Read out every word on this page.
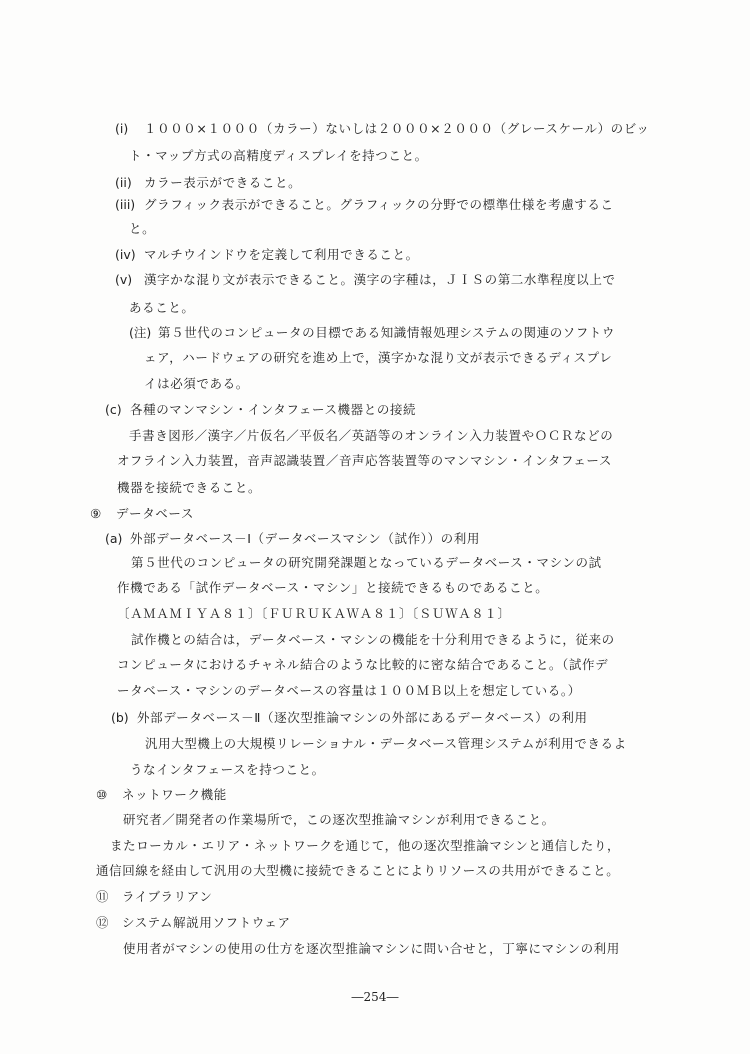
(i) １０００×１０００（カラー）ないしは２０００×２０００（グレースケール）のビッ
ト・マップ方式の高精度ディスプレイを持つこと。
(ii) カラー表示ができること。
(iii) グラフィック表示ができること。グラフィックの分野での標準仕様を考慮するこ
と。
(iv) マルチウインドウを定義して利用できること。
(v) 漢字かな混り文が表示できること。漢字の字種は，ＪＩＳの第二水準程度以上で
あること。
(注) 第５世代のコンピュータの目標である知識情報処理システムの関連のソフトウ
ェア，ハードウェアの研究を進め上で，漢字かな混り文が表示できるディスプレ
イは必須である。
(c) 各種のマンマシン・インタフェース機器との接続
手書き図形／漢字／片仮名／平仮名／英語等のオンライン入力装置やＯＣＲなどの
オフライン入力装置，音声認識装置／音声応答装置等のマンマシン・インタフェース
機器を接続できること。
⑨ データベース
(a) 外部データベース－Ⅰ（データベースマシン（試作））の利用
第５世代のコンピュータの研究開発課題となっているデータベース・マシンの試
作機である「試作データベース・マシン」と接続できるものであること。
〔ＡＭＡＭＩＹＡ８１〕〔ＦＵＲＵＫＡＷＡ８１〕〔ＳＵＷＡ８１〕
試作機との結合は，データベース・マシンの機能を十分利用できるように，従来の
コンピュータにおけるチャネル結合のような比較的に密な結合であること。（試作デ
ータベース・マシンのデータベースの容量は１００ＭＢ以上を想定している。）
(b) 外部データベース－Ⅱ（逐次型推論マシンの外部にあるデータベース）の利用
汎用大型機上の大規模リレーショナル・データベース管理システムが利用できるよ
うなインタフェースを持つこと。
⑩ ネットワーク機能
研究者／開発者の作業場所で，この逐次型推論マシンが利用できること。
またローカル・エリア・ネットワークを通じて，他の逐次型推論マシンと通信したり，
通信回線を経由して汎用の大型機に接続できることによりリソースの共用ができること。
⑪ ライブラリアン
⑫ システム解説用ソフトウェア
使用者がマシンの使用の仕方を逐次型推論マシンに問い合せと，丁寧にマシンの利用
―254―
